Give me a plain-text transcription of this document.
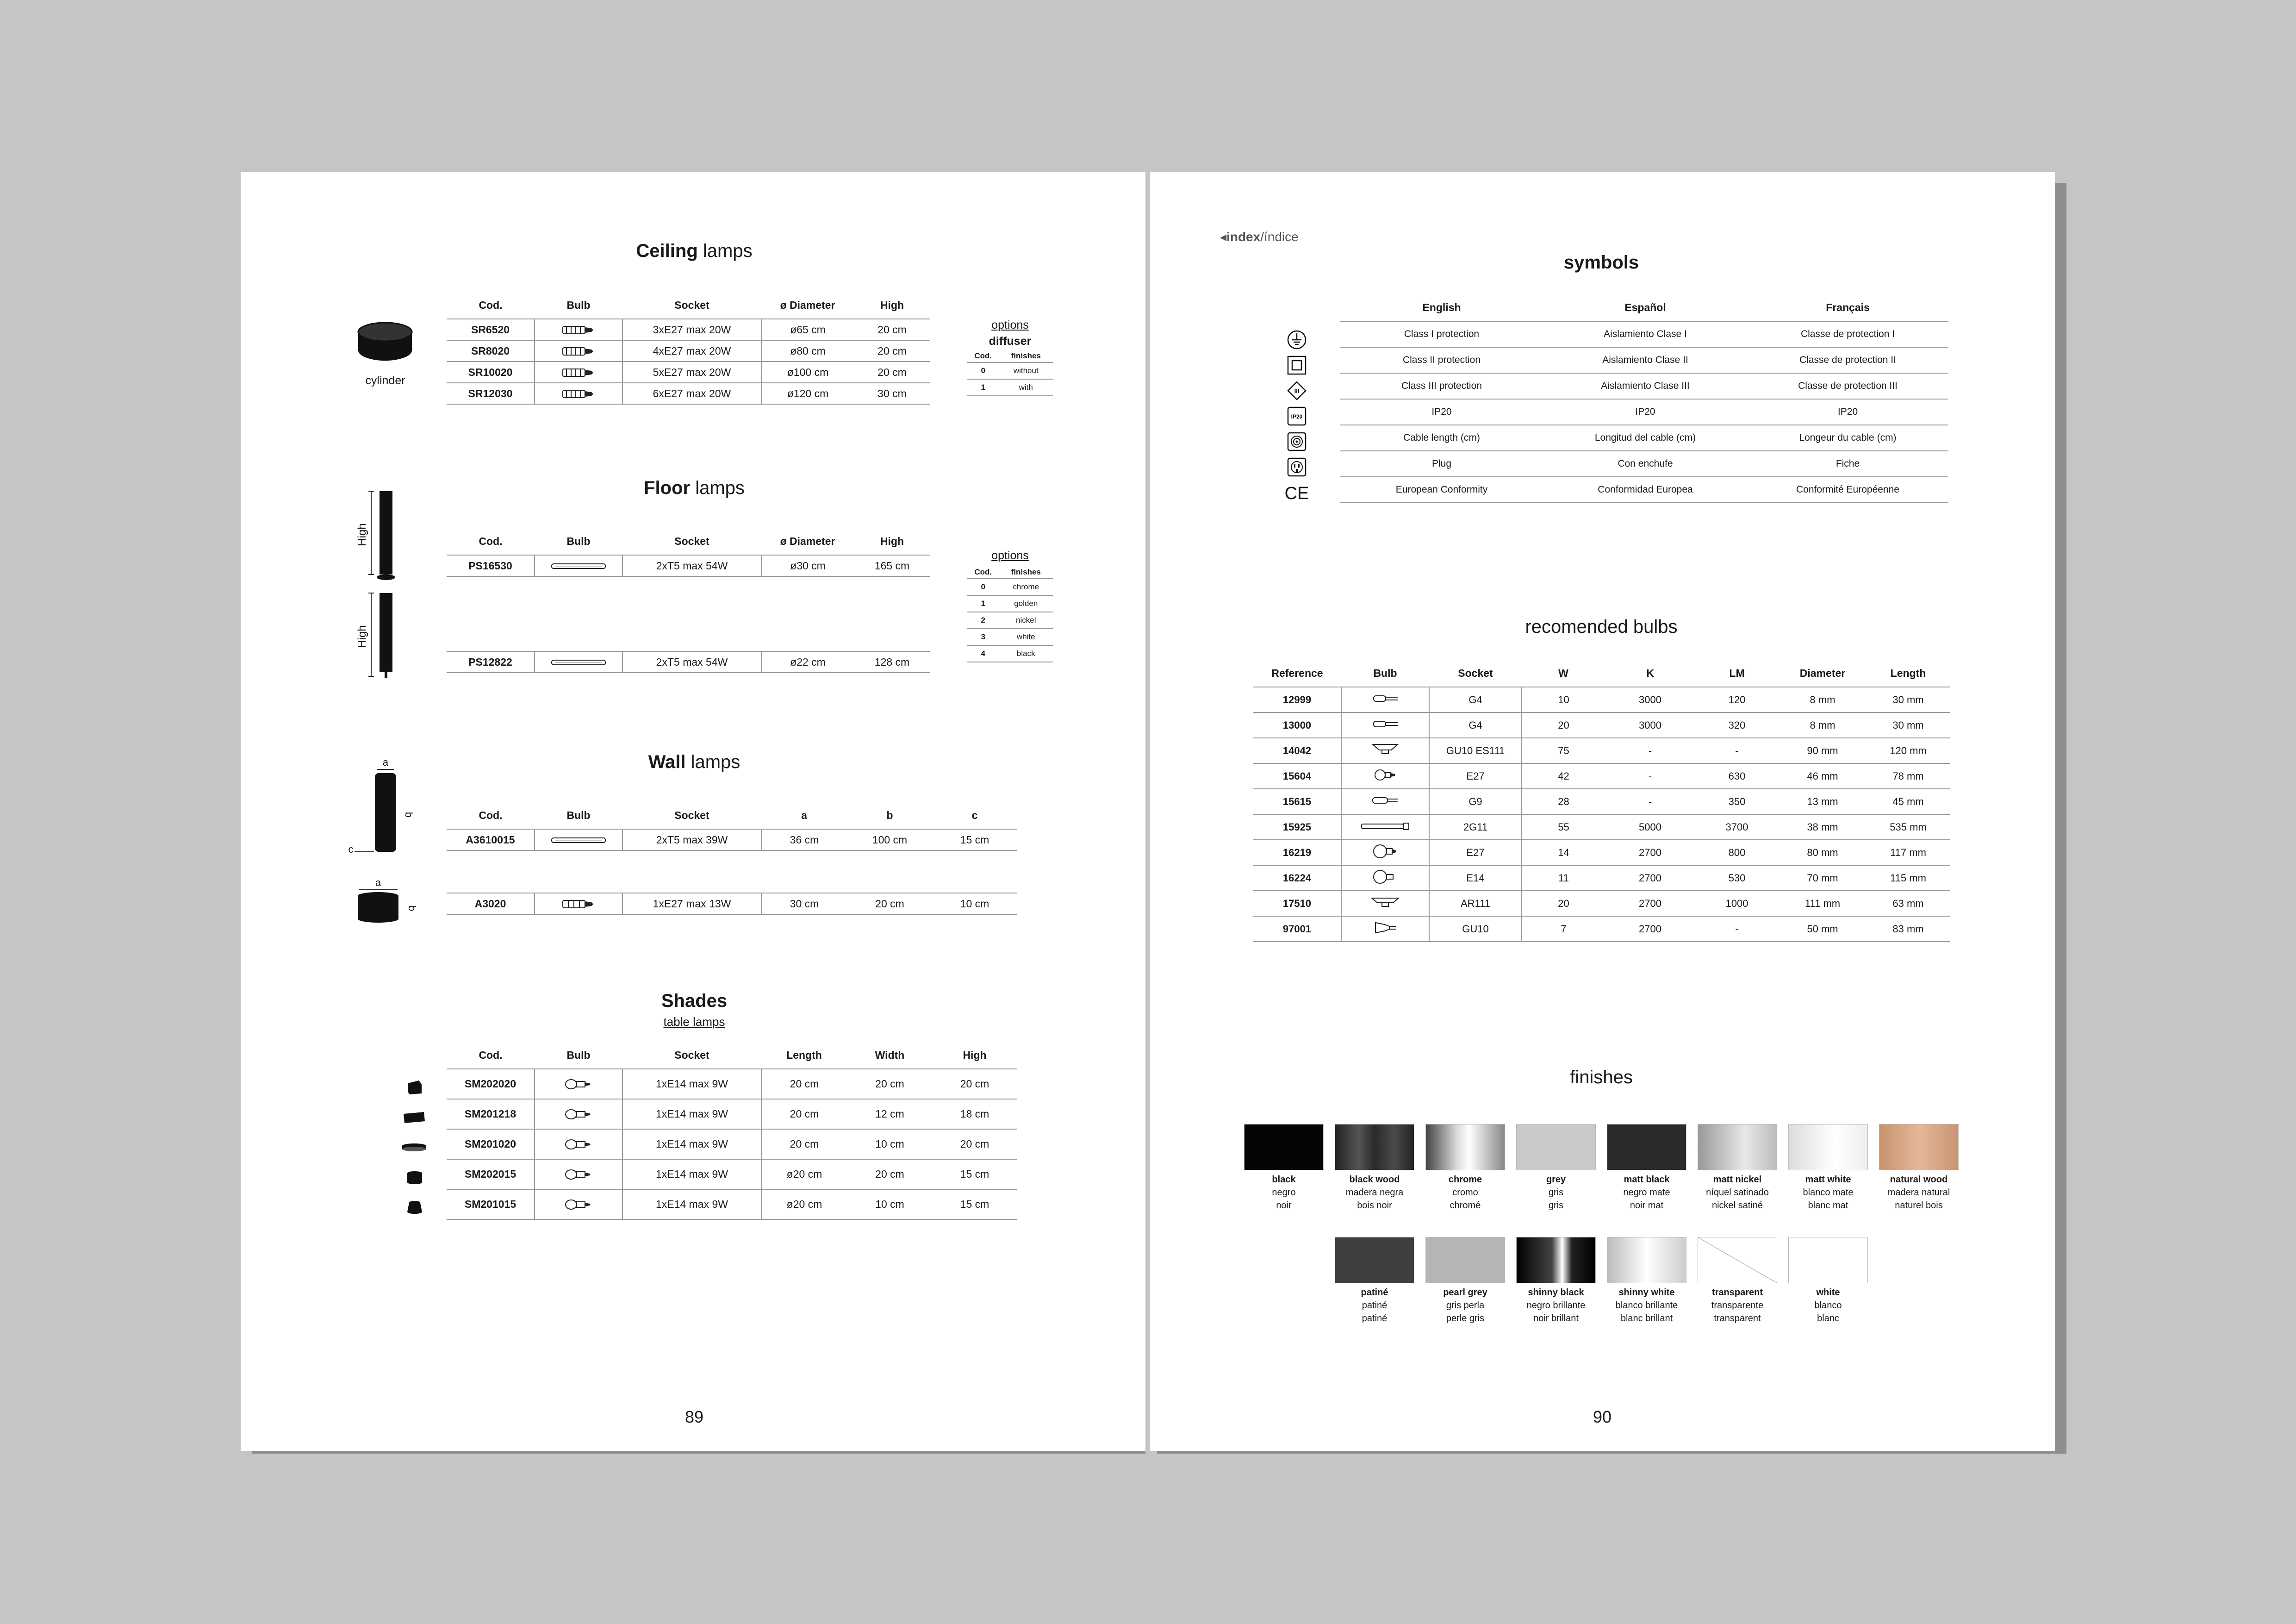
Ceiling lamps
cylinder
Cod.	Bulb	Socket	ø Diameter	High
SR6520		3xE27 max 20W	ø65 cm	20 cm
SR8020		4xE27 max 20W	ø80 cm	20 cm
SR10020		5xE27 max 20W	ø100 cm	20 cm
SR12030		6xE27 max 20W	ø120 cm	30 cm
options
diffuser
Cod.	finishes
0	without
1	with
Floor lamps
High
High
Cod.	Bulb	Socket	ø Diameter	High
PS16530		2xT5 max 54W	ø30 cm	165 cm

PS12822		2xT5 max 54W	ø22 cm	128 cm
options
Cod.	finishes
0	chrome
1	golden
2	nickel
3	white
4	black
Wall lamps
a
b
c
a
b
Cod.	Bulb	Socket	a	b	c
A3610015		2xT5 max 39W	36 cm	100 cm	15 cm

A3020		1xE27 max 13W	30 cm	20 cm	10 cm
Shades
table lamps
Cod.	Bulb	Socket	Length	Width	High
SM202020		1xE14 max 9W	20 cm	20 cm	20 cm
SM201218		1xE14 max 9W	20 cm	12 cm	18 cm
SM201020		1xE14 max 9W	20 cm	10 cm	20 cm
SM202015		1xE14 max 9W	ø20 cm	20 cm	15 cm
SM201015		1xE14 max 9W	ø20 cm	10 cm	15 cm
89
◂index/índice
symbols
English	Español	Français
Class I protection	Aislamiento Clase I	Classe de protection I
Class II protection	Aislamiento Clase II	Classe de protection II
Class III protection	Aislamiento Clase III	Classe de protection III
IP20	IP20	IP20
Cable length (cm)	Longitud del cable (cm)	Longeur du cable (cm)
Plug	Con enchufe	Fiche
European Conformity	Conformidad Europea	Conformité Européenne
III
IP20
CE
recomended bulbs
Reference	Bulb	Socket	W	K	LM	Diameter	Length
12999		G4	10	3000	120	8 mm	30 mm
13000		G4	20	3000	320	8 mm	30 mm
14042		GU10 ES111	75	-	-	90 mm	120 mm
15604		E27	42	-	630	46 mm	78 mm
15615		G9	28	-	350	13 mm	45 mm
15925		2G11	55	5000	3700	38 mm	535 mm
16219		E27	14	2700	800	80 mm	117 mm
16224		E14	11	2700	530	70 mm	115 mm
17510		AR111	20	2700	1000	111 mm	63 mm
97001		GU10	7	2700	-	50 mm	83 mm
finishes
black
negro
noir
black wood
madera negra
bois noir
chrome
cromo
chromé
grey
gris
gris
matt black
negro mate
noir mat
matt nickel
níquel satinado
nickel satiné
matt white
blanco mate
blanc mat
natural wood
madera natural
naturel bois
patiné
patiné
patiné
pearl grey
gris perla
perle gris
shinny black
negro brillante
noir brillant
shinny white
blanco brillante
blanc brillant
transparent
transparente
transparent
white
blanco
blanc
90
